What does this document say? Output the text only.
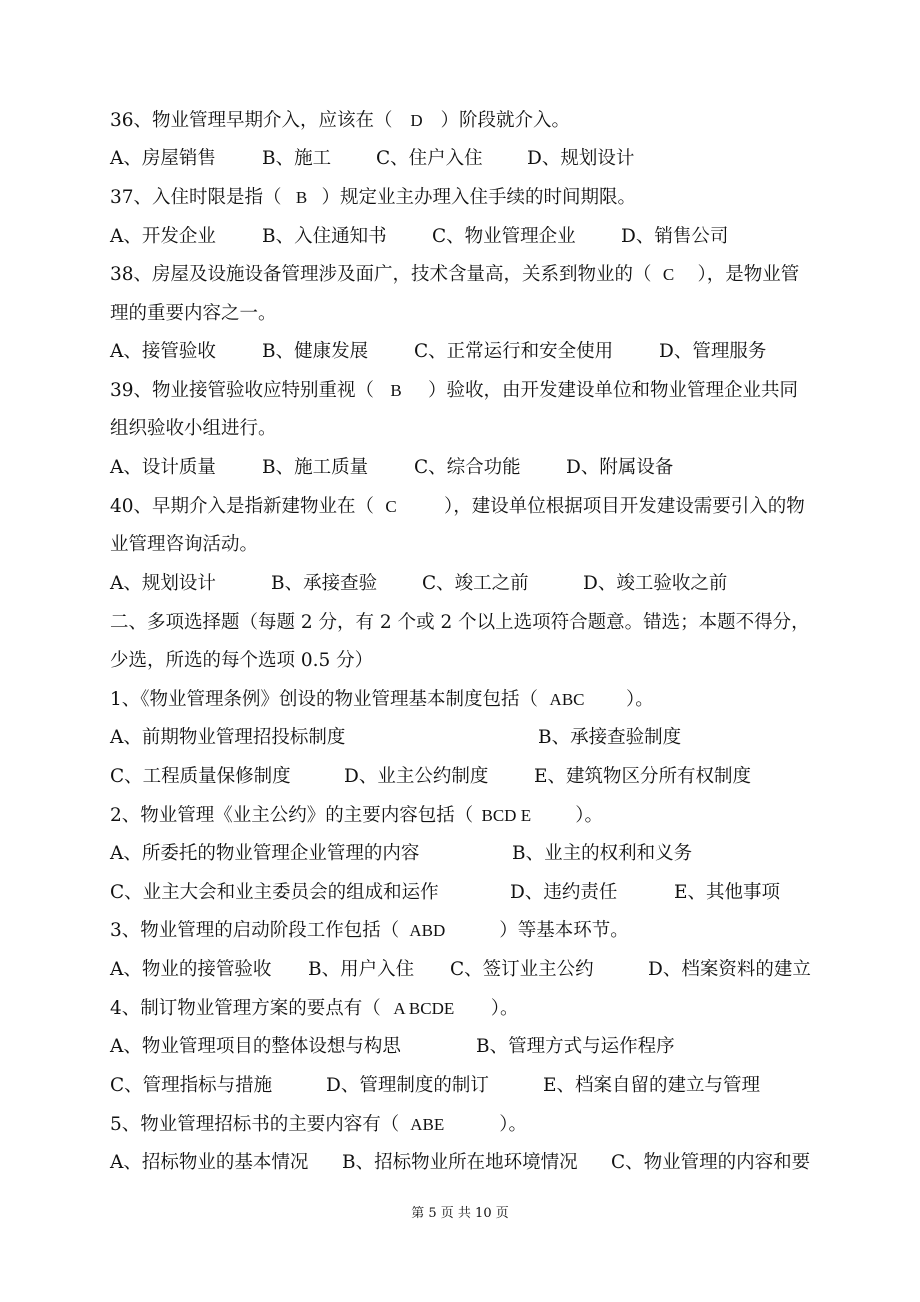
36、物业管理早期介入，应该在（ D ）阶段就介入。
A、房屋销售 B、施工 C、住户入住 D、规划设计
37、入住时限是指（ B ）规定业主办理入住手续的时间期限。
A、开发企业 B、入住通知书 C、物业管理企业 D、销售公司
38、房屋及设施设备管理涉及面广，技术含量高，关系到物业的（ C ），是物业管
理的重要内容之一。
A、接管验收 B、健康发展 C、正常运行和安全使用 D、管理服务
39、物业接管验收应特别重视（ B ）验收，由开发建设单位和物业管理企业共同
组织验收小组进行。
A、设计质量 B、施工质量 C、综合功能 D、附属设备
40、早期介入是指新建物业在（ C	），建设单位根据项目开发建设需要引入的物
业管理咨询活动。
A、规划设计	B、承接查验 C、竣工之前	D、竣工验收之前
二、多项选择题（每题 2 分，有 2 个或 2 个以上选项符合题意。错选；本题不得分，
少选，所选的每个选项 0.5 分）
1、《物业管理条例》创设的物业管理基本制度包括（ ABC ）。
A、前期物业管理招投标制度	B、承接查验制度
C、工程质量保修制度	D、业主公约制度 E、建筑物区分所有权制度
2、物业管理《业主公约》的主要内容包括（ BCD E ）。
A、所委托的物业管理企业管理的内容	B、业主的权利和义务
C、业主大会和业主委员会的组成和运作	D、违约责任	E、其他事项
3、物业管理的启动阶段工作包括（ ABD	）等基本环节。
A、物业的接管验收 B、用户入住 C、签订业主公约	D、档案资料的建立
4、制订物业管理方案的要点有（ A BCDE ）。
A、物业管理项目的整体设想与构思	B、管理方式与运作程序
C、管理指标与措施	D、管理制度的制订	E、档案自留的建立与管理
5、物业管理招标书的主要内容有（ ABE	）。
A、招标物业的基本情况 B、招标物业所在地环境情况 C、物业管理的内容和要
第 5 页 共 10 页
